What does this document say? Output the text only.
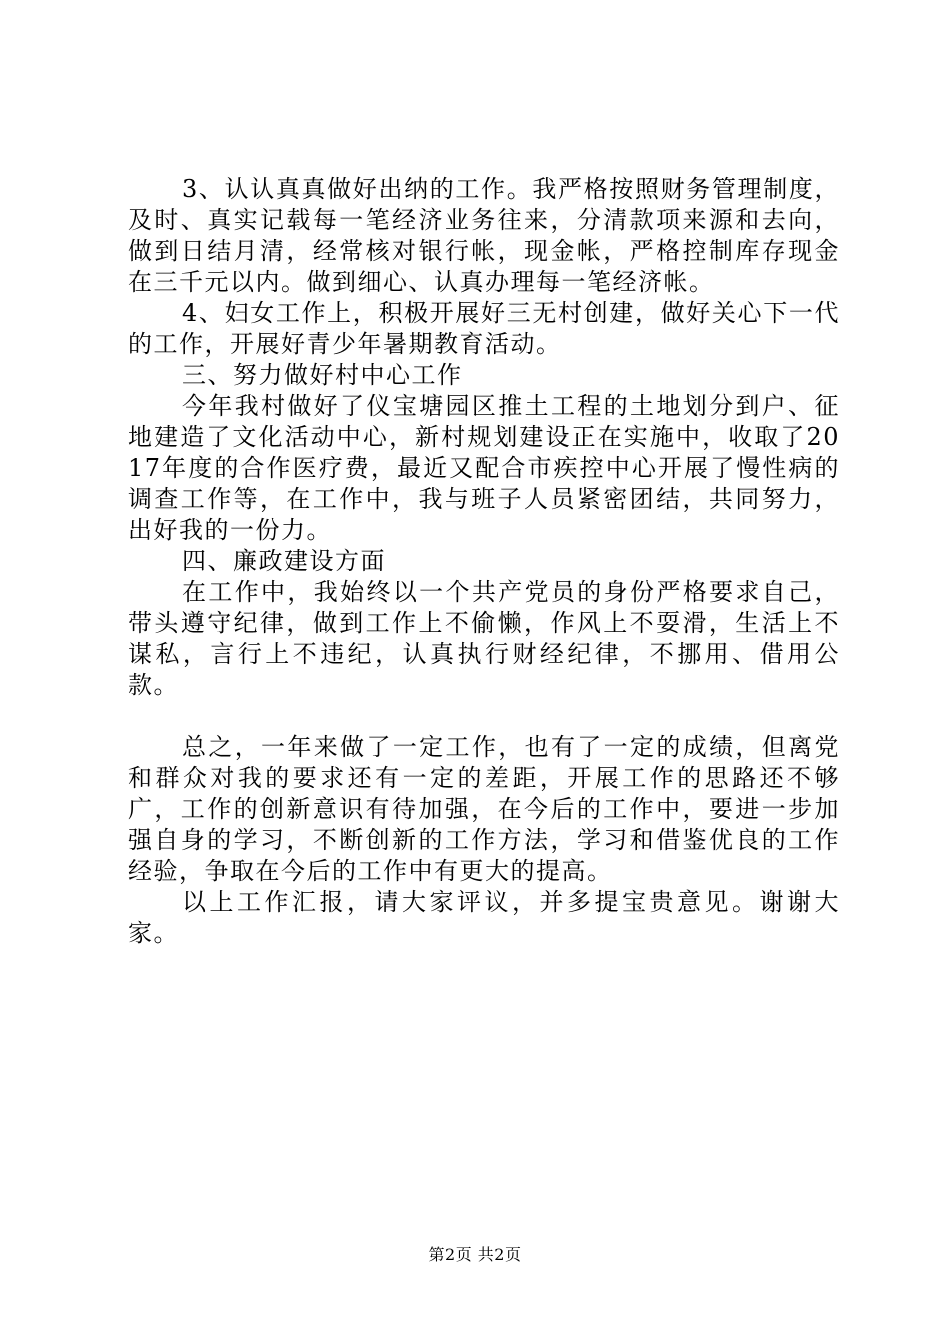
3、认认真真做好出纳的工作。我严格按照财务管理制度，及时、真实记载每一笔经济业务往来，分清款项来源和去向，做到日结月清，经常核对银行帐，现金帐，严格控制库存现金在三千元以内。做到细心、认真办理每一笔经济帐。

4、妇女工作上，积极开展好三无村创建，做好关心下一代的工作，开展好青少年暑期教育活动。

三、努力做好村中心工作

今年我村做好了仪宝塘园区推土工程的土地划分到户、征地建造了文化活动中心，新村规划建设正在实施中，收取了2017年度的合作医疗费，最近又配合市疾控中心开展了慢性病的调查工作等，在工作中，我与班子人员紧密团结，共同努力，出好我的一份力。

四、廉政建设方面

在工作中，我始终以一个共产党员的身份严格要求自己，带头遵守纪律，做到工作上不偷懒，作风上不耍滑，生活上不谋私，言行上不违纪，认真执行财经纪律，不挪用、借用公款。

总之，一年来做了一定工作，也有了一定的成绩，但离党和群众对我的要求还有一定的差距，开展工作的思路还不够广，工作的创新意识有待加强，在今后的工作中，要进一步加强自身的学习，不断创新的工作方法，学习和借鉴优良的工作经验，争取在今后的工作中有更大的提高。

以上工作汇报，请大家评议，并多提宝贵意见。谢谢大家。

第2页 共2页
